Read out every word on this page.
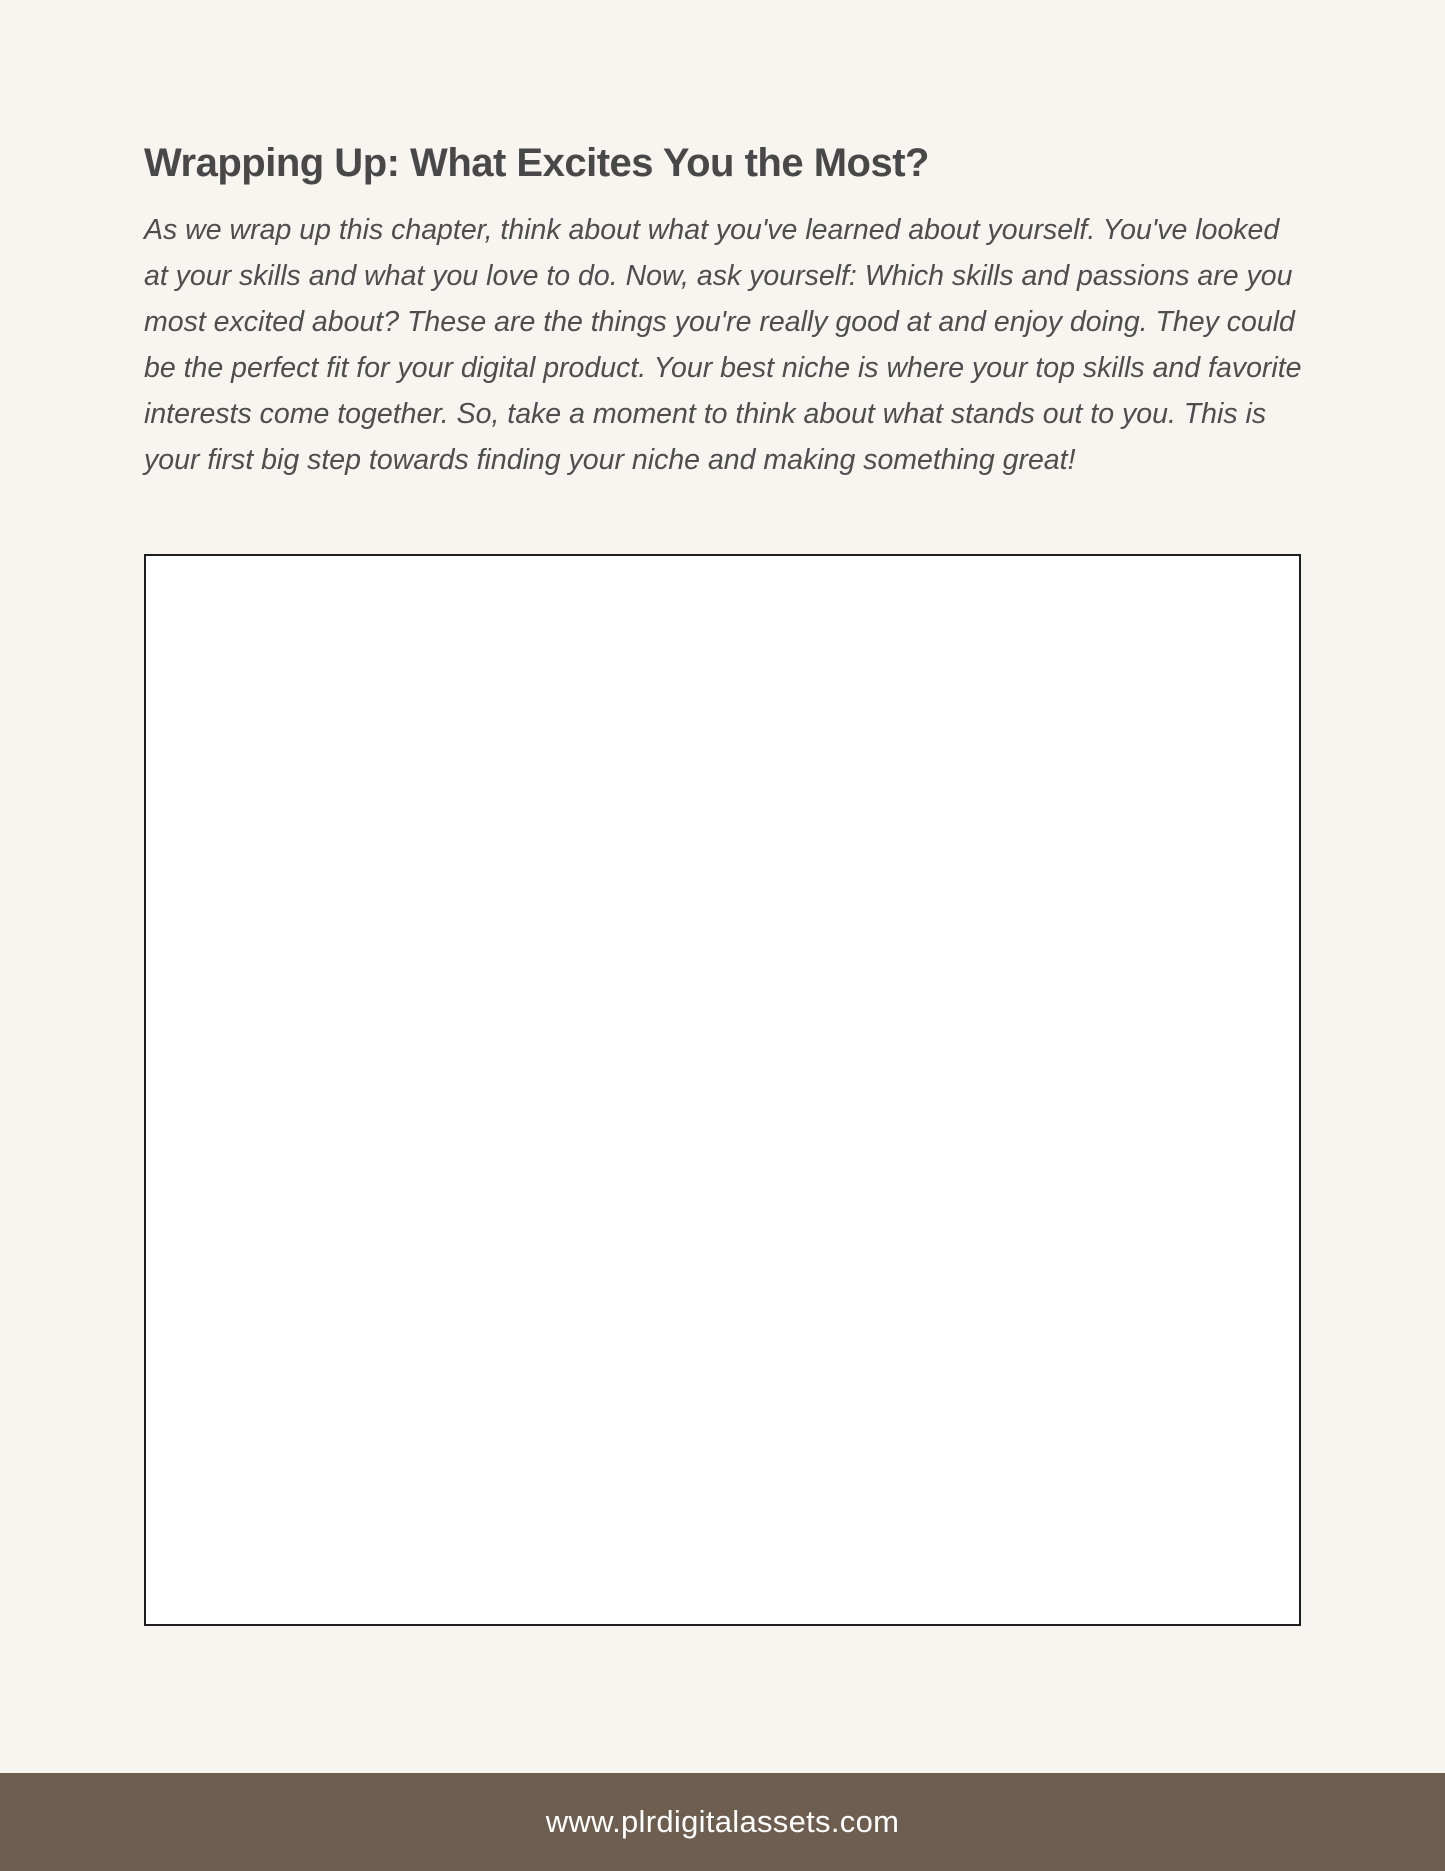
Wrapping Up: What Excites You the Most?

As we wrap up this chapter, think about what you've learned about yourself. You've looked at your skills and what you love to do. Now, ask yourself: Which skills and passions are you most excited about? These are the things you're really good at and enjoy doing. They could be the perfect fit for your digital product. Your best niche is where your top skills and favorite interests come together. So, take a moment to think about what stands out to you. This is your first big step towards finding your niche and making something great!

www.plrdigitalassets.com
